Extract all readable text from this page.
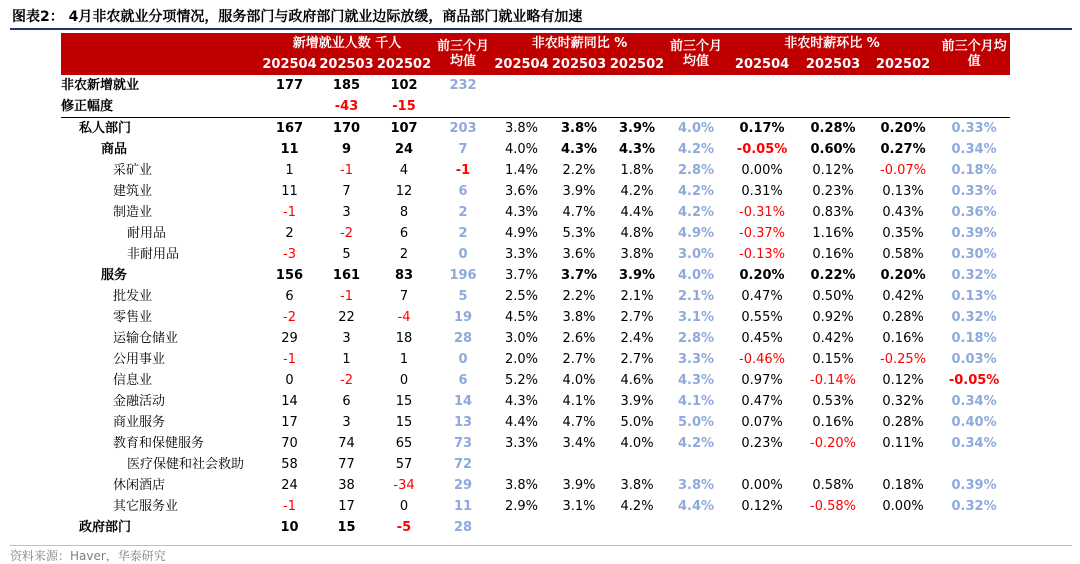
图表2： 4月非农就业分项情况，服务部门与政府部门就业边际放缓，商品部门就业略有加速
	新增就业人数 千人			前三个月均值	非农时薪同比 %			前三个月均值	非农时薪环比 %			前三个月均值
	202504	202503	202502		202504	202503	202502		202504	202503	202502	
非农新增就业	177	185	102	232								
修正幅度		-43	-15									
私人部门	167	170	107	203	3.8%	3.8%	3.9%	4.0%	0.17%	0.28%	0.20%	0.33%
商品	11	9	24	7	4.0%	4.3%	4.3%	4.2%	-0.05%	0.60%	0.27%	0.34%
采矿业	1	-1	4	-1	1.4%	2.2%	1.8%	2.8%	0.00%	0.12%	-0.07%	0.18%
建筑业	11	7	12	6	3.6%	3.9%	4.2%	4.2%	0.31%	0.23%	0.13%	0.33%
制造业	-1	3	8	2	4.3%	4.7%	4.4%	4.2%	-0.31%	0.83%	0.43%	0.36%
耐用品	2	-2	6	2	4.9%	5.3%	4.8%	4.9%	-0.37%	1.16%	0.35%	0.39%
非耐用品	-3	5	2	0	3.3%	3.6%	3.8%	3.0%	-0.13%	0.16%	0.58%	0.30%
服务	156	161	83	196	3.7%	3.7%	3.9%	4.0%	0.20%	0.22%	0.20%	0.32%
批发业	6	-1	7	5	2.5%	2.2%	2.1%	2.1%	0.47%	0.50%	0.42%	0.13%
零售业	-2	22	-4	19	4.5%	3.8%	2.7%	3.1%	0.55%	0.92%	0.28%	0.32%
运输仓储业	29	3	18	28	3.0%	2.6%	2.4%	2.8%	0.45%	0.42%	0.16%	0.18%
公用事业	-1	1	1	0	2.0%	2.7%	2.7%	3.3%	-0.46%	0.15%	-0.25%	0.03%
信息业	0	-2	0	6	5.2%	4.0%	4.6%	4.3%	0.97%	-0.14%	0.12%	-0.05%
金融活动	14	6	15	14	4.3%	4.1%	3.9%	4.1%	0.47%	0.53%	0.32%	0.34%
商业服务	17	3	15	13	4.4%	4.7%	5.0%	5.0%	0.07%	0.16%	0.28%	0.40%
教育和保健服务	70	74	65	73	3.3%	3.4%	4.0%	4.2%	0.23%	-0.20%	0.11%	0.34%
医疗保健和社会救助	58	77	57	72								
休闲酒店	24	38	-34	29	3.8%	3.9%	3.8%	3.8%	0.00%	0.58%	0.18%	0.39%
其它服务业	-1	17	0	11	2.9%	3.1%	4.2%	4.4%	0.12%	-0.58%	0.00%	0.32%
政府部门	10	15	-5	28								
资料来源：Haver，华泰研究
